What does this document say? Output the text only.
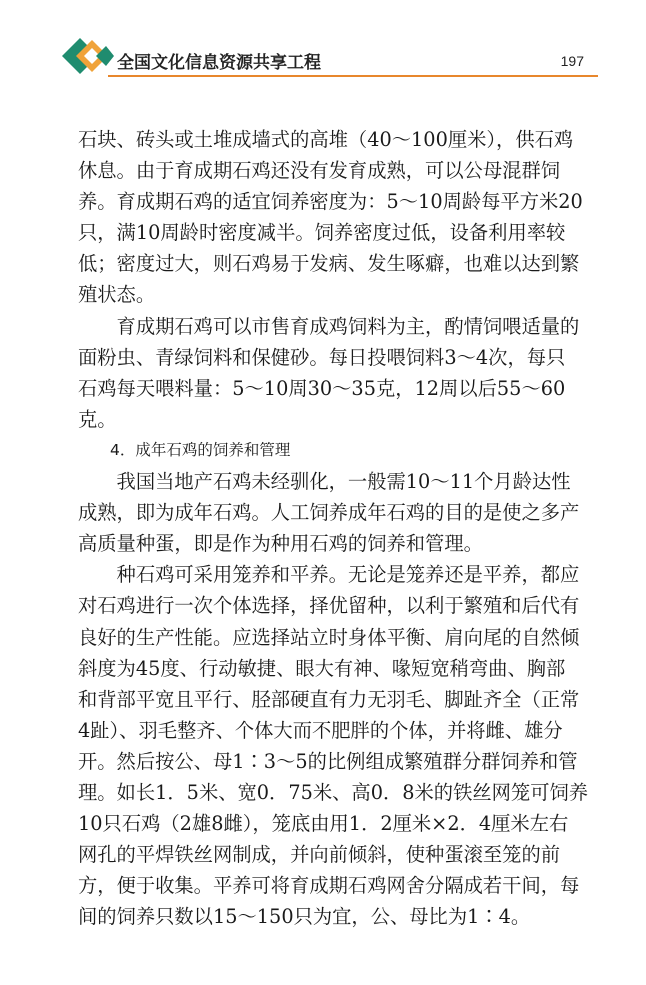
全国文化信息资源共享工程	197
石块、砖头或土堆成墙式的高堆（40～100厘米），供石鸡
休息。由于育成期石鸡还没有发育成熟，可以公母混群饲
养。育成期石鸡的适宜饲养密度为：5～10周龄每平方米20
只，满10周龄时密度减半。饲养密度过低，设备利用率较
低；密度过大，则石鸡易于发病、发生啄癖，也难以达到繁
殖状态。
　　育成期石鸡可以市售育成鸡饲料为主，酌情饲喂适量的
面粉虫、青绿饲料和保健砂。每日投喂饲料3～4次，每只
石鸡每天喂料量：5～10周30～35克，12周以后55～60
克。
4．成年石鸡的饲养和管理
　　我国当地产石鸡未经驯化，一般需10～11个月龄达性
成熟，即为成年石鸡。人工饲养成年石鸡的目的是使之多产
高质量种蛋，即是作为种用石鸡的饲养和管理。
　　种石鸡可采用笼养和平养。无论是笼养还是平养，都应
对石鸡进行一次个体选择，择优留种，以利于繁殖和后代有
良好的生产性能。应选择站立时身体平衡、肩向尾的自然倾
斜度为45度、行动敏捷、眼大有神、喙短宽稍弯曲、胸部
和背部平宽且平行、胫部硬直有力无羽毛、脚趾齐全（正常
4趾）、羽毛整齐、个体大而不肥胖的个体，并将雌、雄分
开。然后按公、母1∶3～5的比例组成繁殖群分群饲养和管
理。如长1．5米、宽0．75米、高0．8米的铁丝网笼可饲养
10只石鸡（2雄8雌），笼底由用1．2厘米×2．4厘米左右
网孔的平焊铁丝网制成，并向前倾斜，使种蛋滚至笼的前
方，便于收集。平养可将育成期石鸡网舍分隔成若干间，每
间的饲养只数以15～150只为宜，公、母比为1∶4。
